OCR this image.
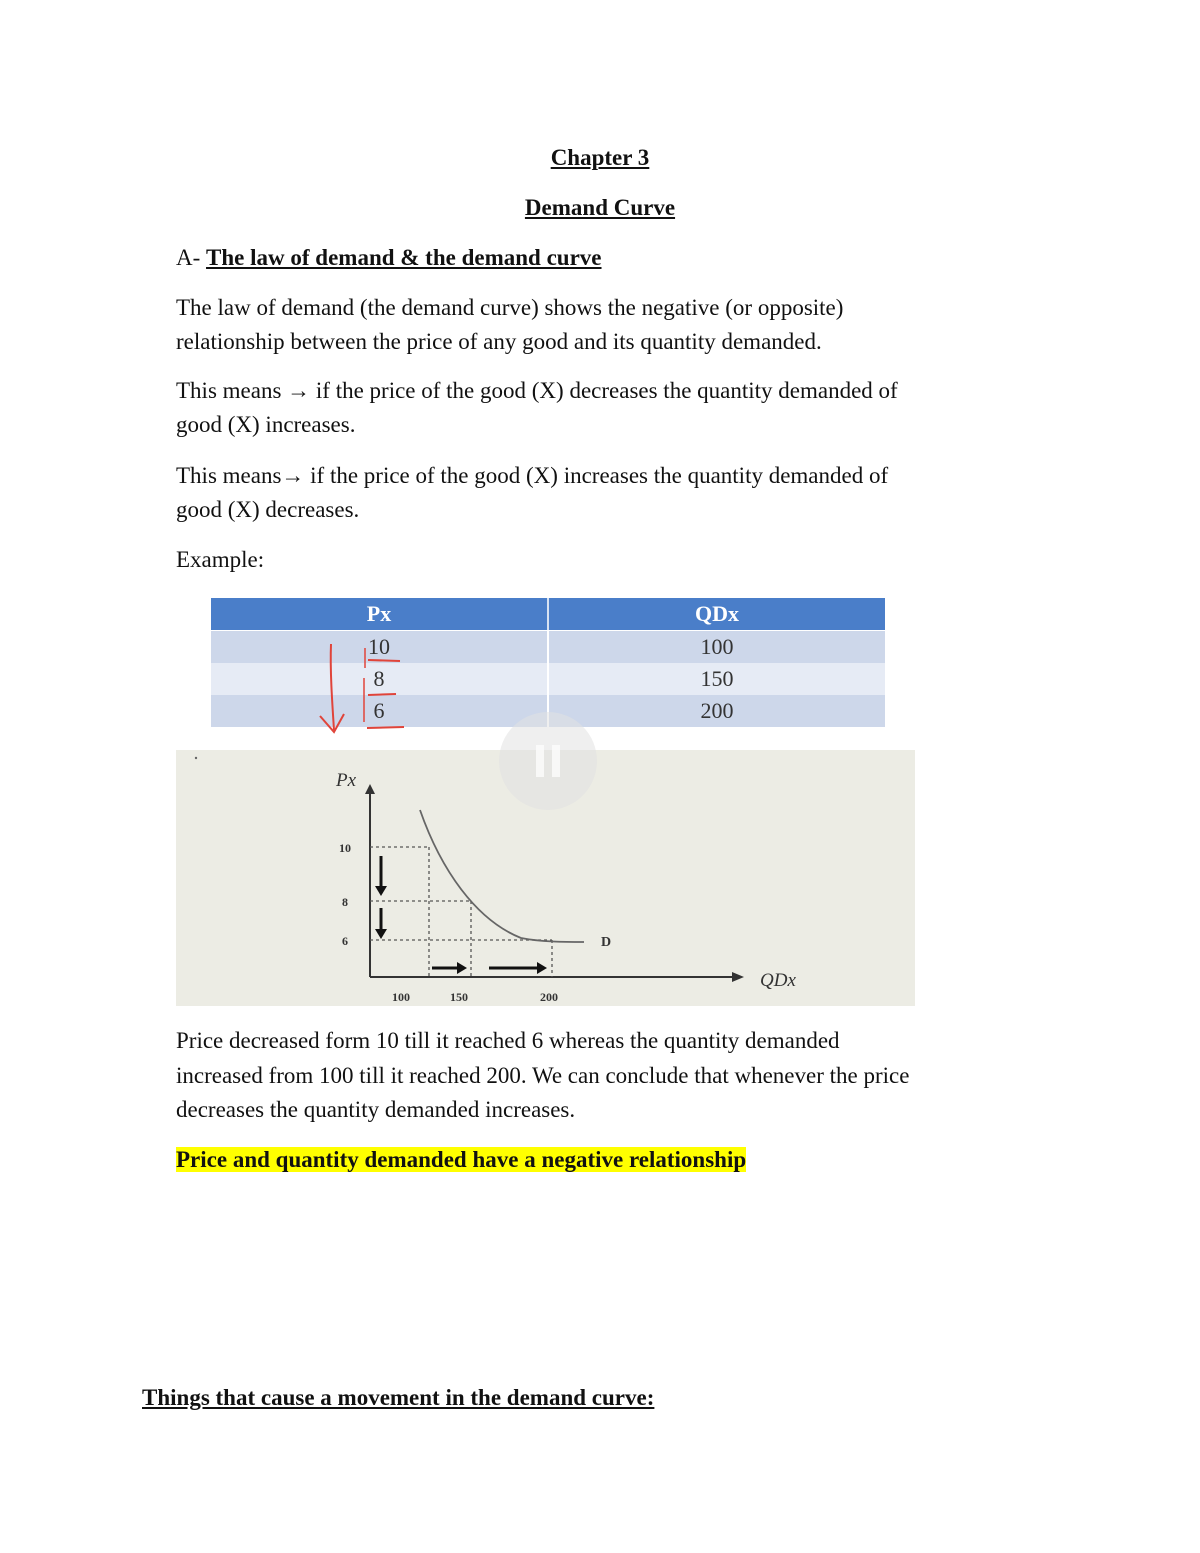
Chapter 3
Demand Curve
A- The law of demand & the demand curve
The law of demand (the demand curve) shows the negative (or opposite)
relationship between the price of any good and its quantity demanded.
This means → if the price of the good (X) decreases the quantity demanded of
good (X) increases.
This means→ if the price of the good (X) increases the quantity demanded of
good (X) decreases.
Example:
Px	QDx
10	100
8	150
6	200
Px
QDx
10
100
8
150
6
200
D
Price decreased form 10 till it reached 6 whereas the quantity demanded
increased from 100 till it reached 200. We can conclude that whenever the price
decreases the quantity demanded increases.
Price and quantity demanded have a negative relationship
Things that cause a movement in the demand curve:
